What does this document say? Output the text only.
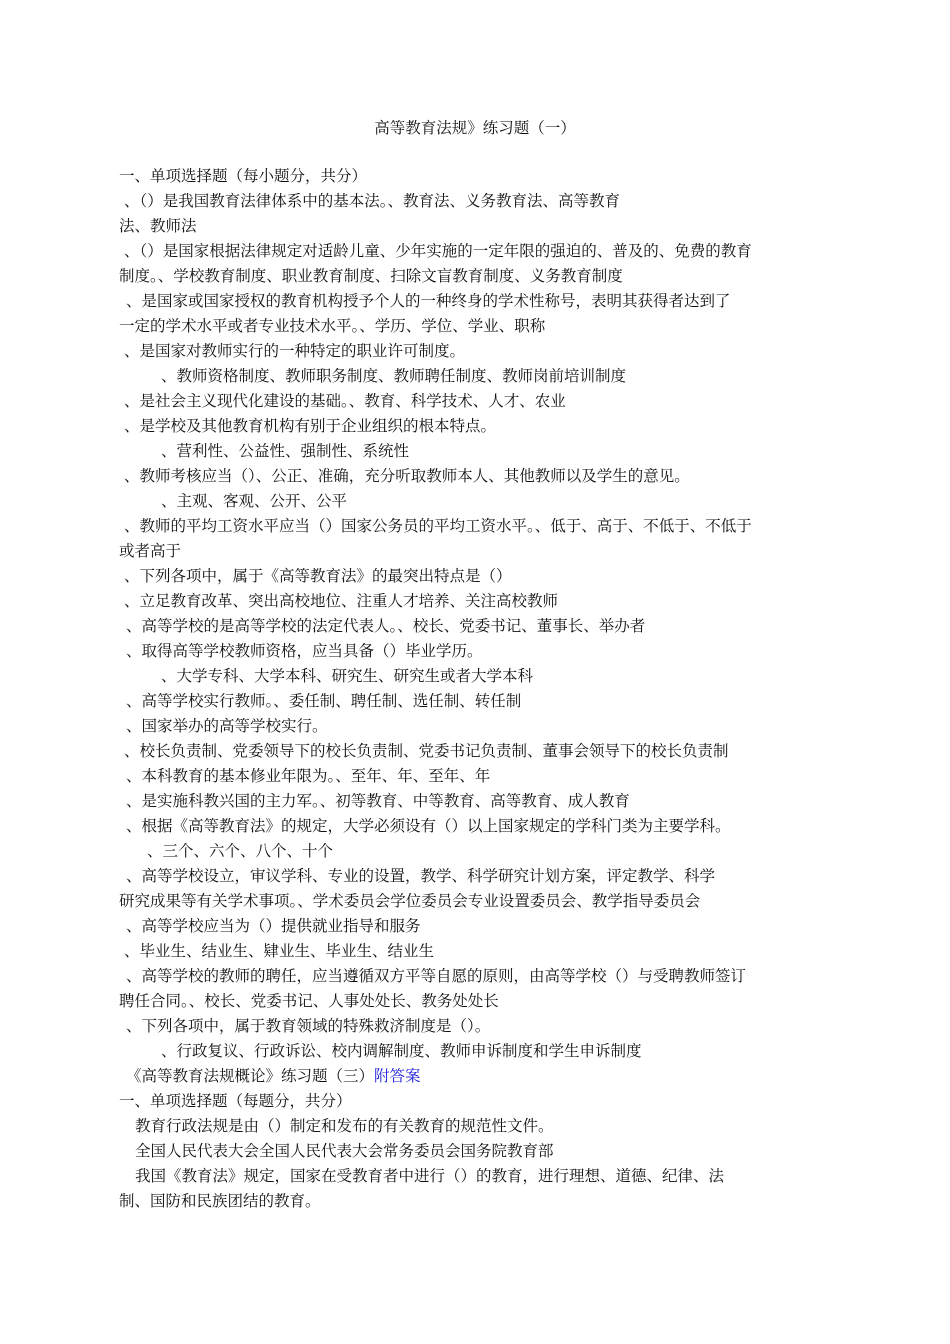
高等教育法规》练习题（一）
一、单项选择题（每小题分，共分）
、（）是我国教育法律体系中的基本法。、教育法、义务教育法、高等教育
法、教师法
、（）是国家根据法律规定对适龄儿童、少年实施的一定年限的强迫的、普及的、免费的教育
制度。、学校教育制度、职业教育制度、扫除文盲教育制度、义务教育制度
、是国家或国家授权的教育机构授予个人的一种终身的学术性称号，表明其获得者达到了
一定的学术水平或者专业技术水平。、学历、学位、学业、职称
、是国家对教师实行的一种特定的职业许可制度。
、教师资格制度、教师职务制度、教师聘任制度、教师岗前培训制度
、是社会主义现代化建设的基础。、教育、科学技术、人才、农业
、是学校及其他教育机构有别于企业组织的根本特点。
、营利性、公益性、强制性、系统性
、教师考核应当（）、公正、准确，充分听取教师本人、其他教师以及学生的意见。
、主观、客观、公开、公平
、教师的平均工资水平应当（）国家公务员的平均工资水平。、低于、高于、不低于、不低于
或者高于
、下列各项中，属于《高等教育法》的最突出特点是（）
、立足教育改革、突出高校地位、注重人才培养、关注高校教师
、高等学校的是高等学校的法定代表人。、校长、党委书记、董事长、举办者
、取得高等学校教师资格，应当具备（）毕业学历。
、大学专科、大学本科、研究生、研究生或者大学本科
、高等学校实行教师。、委任制、聘任制、选任制、转任制
、国家举办的高等学校实行。
、校长负责制、党委领导下的校长负责制、党委书记负责制、董事会领导下的校长负责制
、本科教育的基本修业年限为。、至年、年、至年、年
、是实施科教兴国的主力军。、初等教育、中等教育、高等教育、成人教育
、根据《高等教育法》的规定，大学必须设有（）以上国家规定的学科门类为主要学科。
、三个、六个、八个、十个
、高等学校设立，审议学科、专业的设置，教学、科学研究计划方案，评定教学、科学
研究成果等有关学术事项。、学术委员会学位委员会专业设置委员会、教学指导委员会
、高等学校应当为（）提供就业指导和服务
、毕业生、结业生、肄业生、毕业生、结业生
、高等学校的教师的聘任，应当遵循双方平等自愿的原则，由高等学校（）与受聘教师签订
聘任合同。、校长、党委书记、人事处处长、教务处处长
、下列各项中，属于教育领域的特殊救济制度是（）。
、行政复议、行政诉讼、校内调解制度、教师申诉制度和学生申诉制度
《高等教育法规概论》练习题（三）附答案
一、单项选择题（每题分，共分）
教育行政法规是由（）制定和发布的有关教育的规范性文件。
全国人民代表大会全国人民代表大会常务委员会国务院教育部
我国《教育法》规定，国家在受教育者中进行（）的教育，进行理想、道德、纪律、法
制、国防和民族团结的教育。
